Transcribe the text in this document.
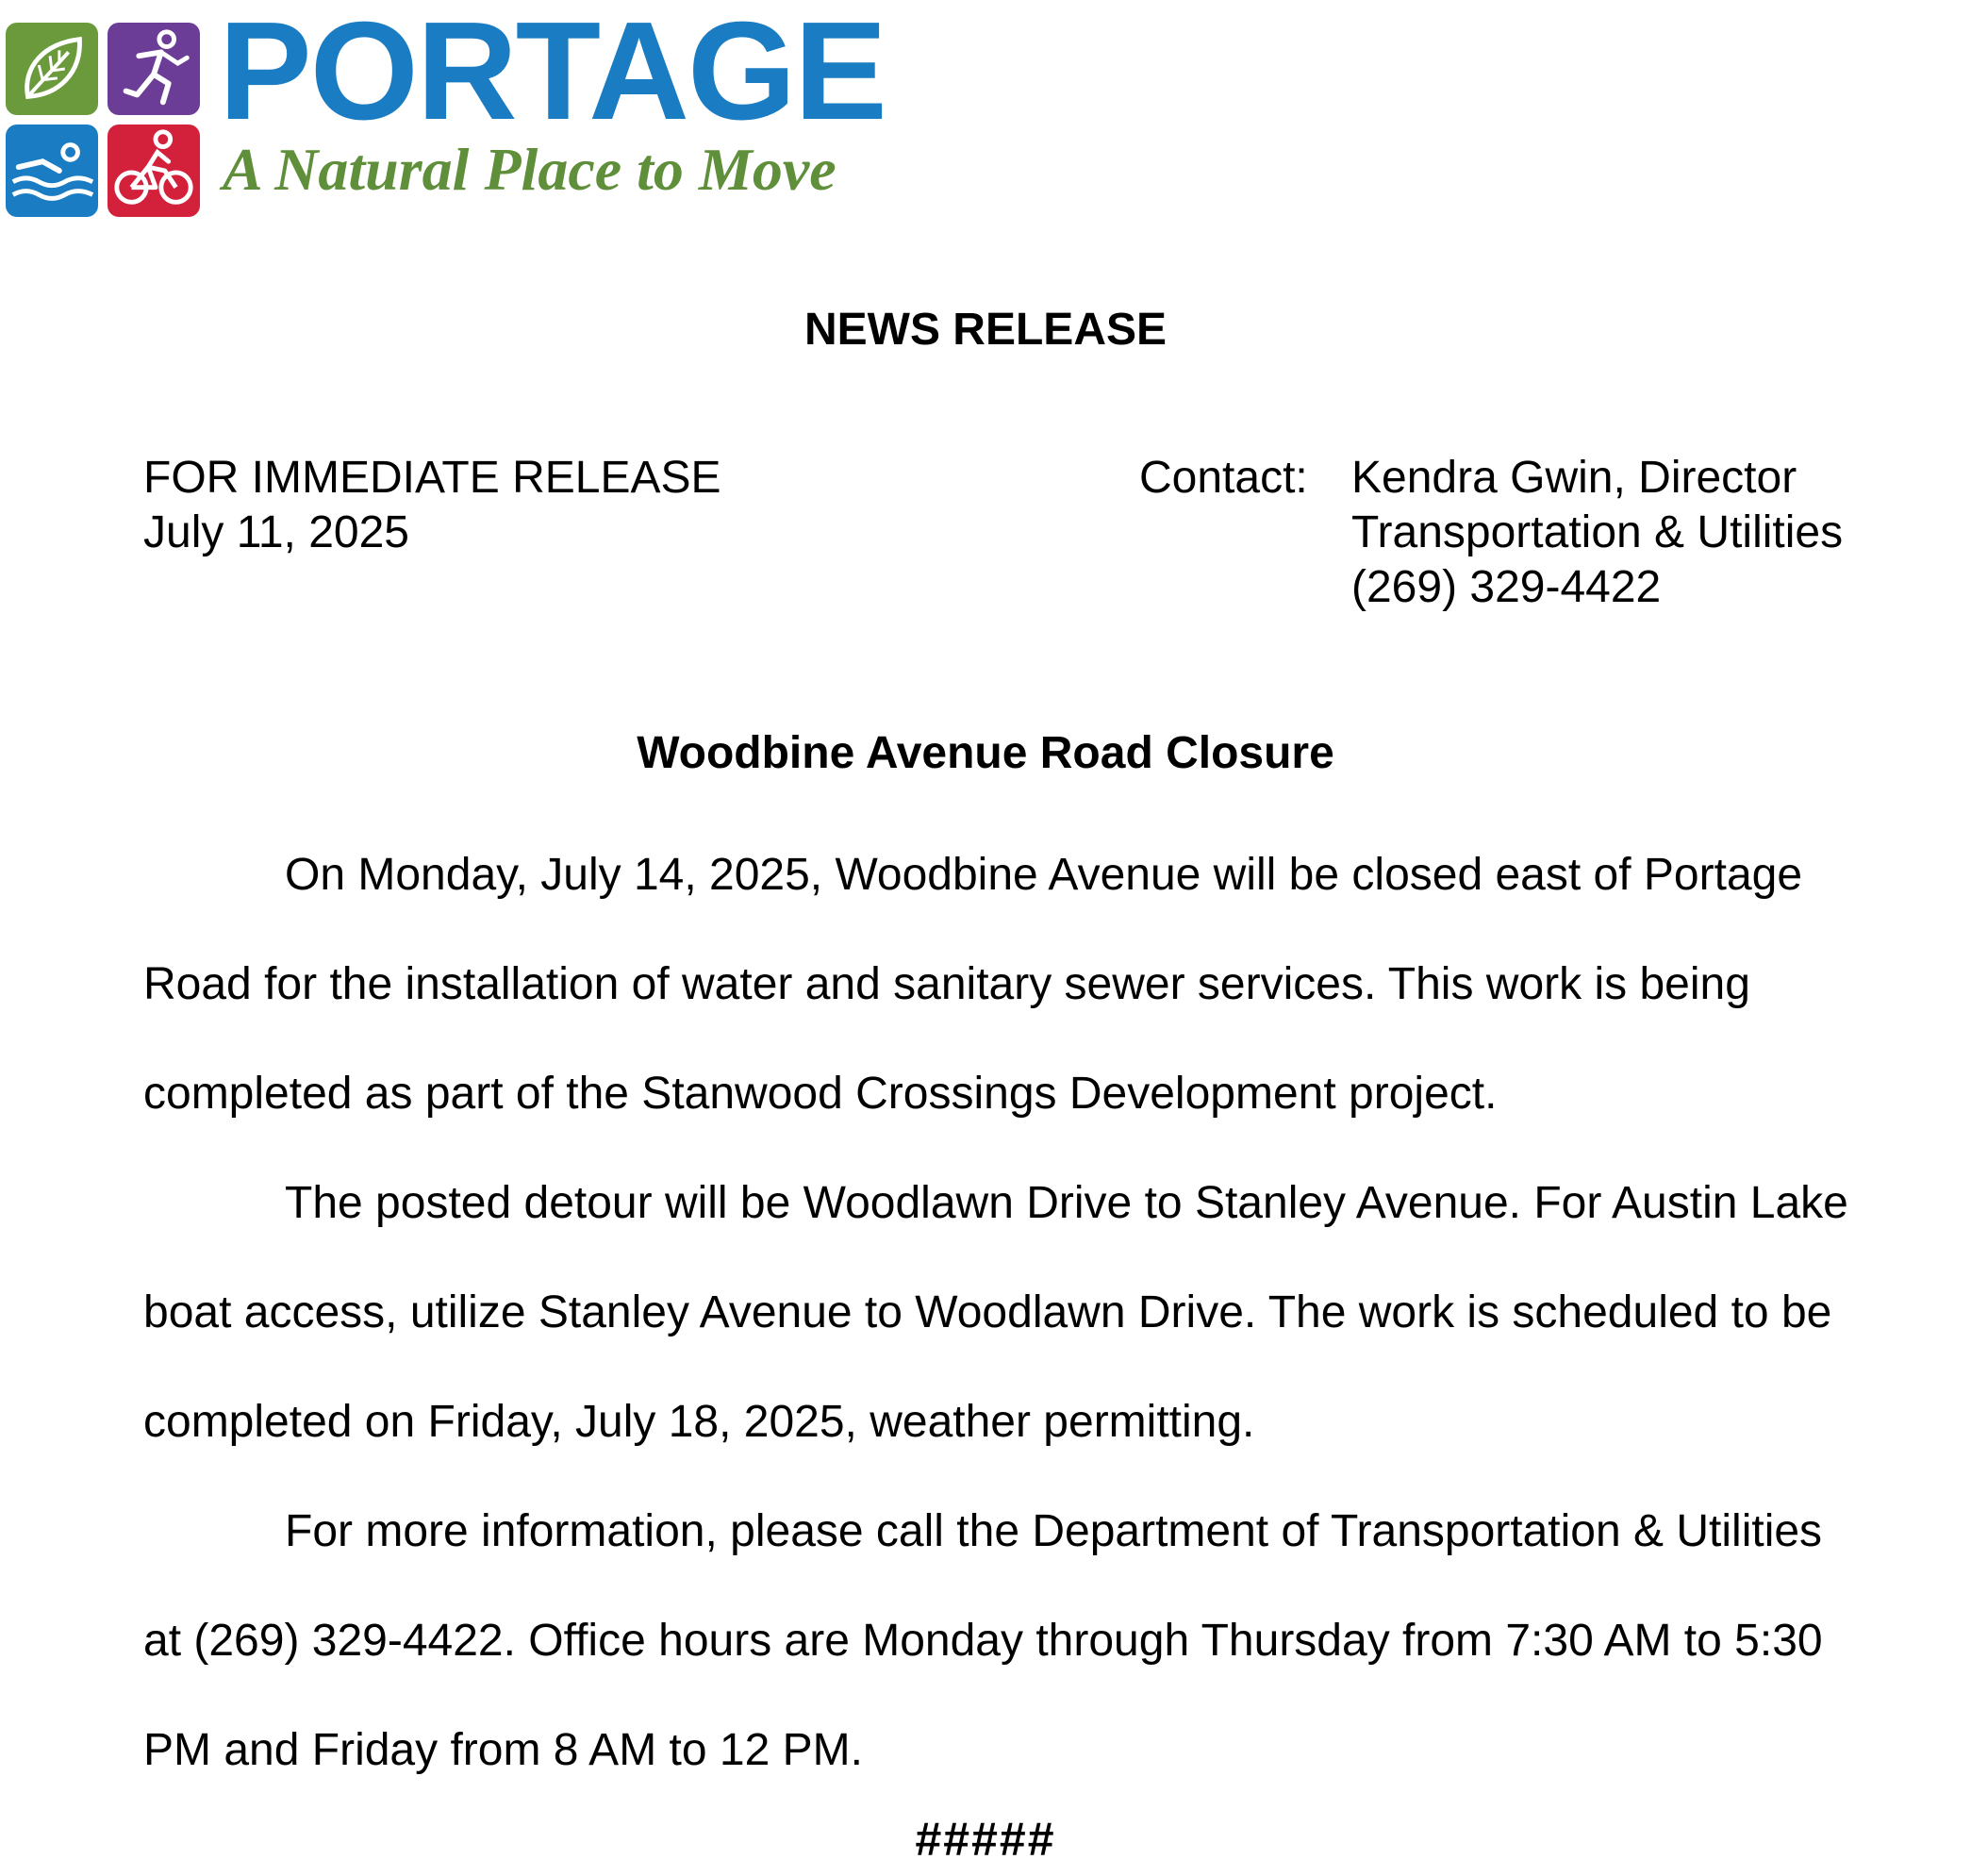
PORTAGE
A Natural Place to Move
NEWS RELEASE
FOR IMMEDIATE RELEASE
July 11, 2025
Contact: Kendra Gwin, Director
Transportation & Utilities
(269) 329-4422
Woodbine Avenue Road Closure

On Monday, July 14, 2025, Woodbine Avenue will be closed east of Portage Road for the installation of water and sanitary sewer services. This work is being completed as part of the Stanwood Crossings Development project.

The posted detour will be Woodlawn Drive to Stanley Avenue. For Austin Lake boat access, utilize Stanley Avenue to Woodlawn Drive. The work is scheduled to be completed on Friday, July 18, 2025, weather permitting.

For more information, please call the Department of Transportation & Utilities at (269) 329-4422. Office hours are Monday through Thursday from 7:30 AM to 5:30 PM and Friday from 8 AM to 12 PM.

#####
